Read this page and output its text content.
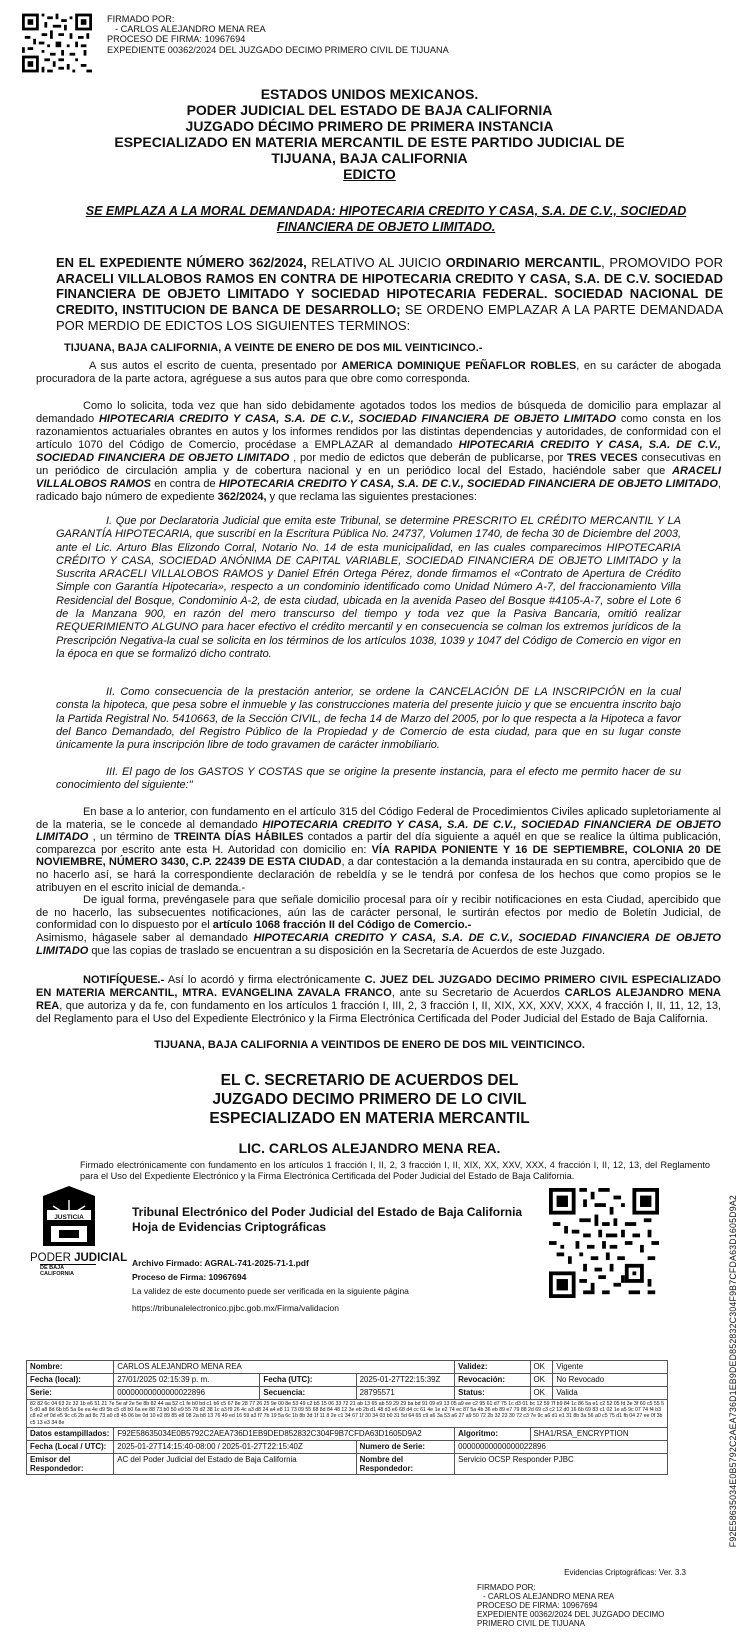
FIRMADO POR:
- CARLOS ALEJANDRO MENA REA
PROCESO DE FIRMA: 10967694
EXPEDIENTE 00362/2024 DEL JUZGADO DECIMO PRIMERO CIVIL DE TIJUANA
ESTADOS UNIDOS MEXICANOS.
PODER JUDICIAL DEL ESTADO DE BAJA CALIFORNIA
JUZGADO DÉCIMO PRIMERO DE PRIMERA INSTANCIA
ESPECIALIZADO EN MATERIA MERCANTIL DE ESTE PARTIDO JUDICIAL DE
TIJUANA, BAJA CALIFORNIA
EDICTO
SE EMPLAZA A LA MORAL DEMANDADA: HIPOTECARIA CREDITO Y CASA, S.A. DE C.V., SOCIEDAD FINANCIERA DE OBJETO LIMITADO.
EN EL EXPEDIENTE NÚMERO 362/2024, RELATIVO AL JUICIO ORDINARIO MERCANTIL, PROMOVIDO POR ARACELI VILLALOBOS RAMOS EN CONTRA DE HIPOTECARIA CREDITO Y CASA, S.A. DE C.V. SOCIEDAD FINANCIERA DE OBJETO LIMITADO Y SOCIEDAD HIPOTECARIA FEDERAL. SOCIEDAD NACIONAL DE CREDITO, INSTITUCION DE BANCA DE DESARROLLO; SE ORDENO EMPLAZAR A LA PARTE DEMANDADA POR MERDIO DE EDICTOS LOS SIGUIENTES TERMINOS:
TIJUANA, BAJA CALIFORNIA, A VEINTE DE ENERO DE DOS MIL VEINTICINCO.-
A sus autos el escrito de cuenta, presentado por AMERICA DOMINIQUE PEÑAFLOR ROBLES, en su carácter de abogada procuradora de la parte actora, agréguese a sus autos para que obre como corresponda.
Como lo solicita, toda vez que han sido debidamente agotados todos los medios de búsqueda de domicilio para emplazar al demandado HIPOTECARIA CREDITO Y CASA, S.A. DE C.V., SOCIEDAD FINANCIERA DE OBJETO LIMITADO como consta en los razonamientos actuariales obrantes en autos y los informes rendidos por las distintas dependencias y autoridades, de conformidad con el artículo 1070 del Código de Comercio, procédase a EMPLAZAR al demandado HIPOTECARIA CREDITO Y CASA, S.A. DE C.V., SOCIEDAD FINANCIERA DE OBJETO LIMITADO , por medio de edictos que deberán de publicarse, por TRES VECES consecutivas en un periódico de circulación amplia y de cobertura nacional y en un periódico local del Estado, haciéndole saber que ARACELI VILLALOBOS RAMOS en contra de HIPOTECARIA CREDITO Y CASA, S.A. DE C.V., SOCIEDAD FINANCIERA DE OBJETO LIMITADO, radicado bajo número de expediente 362/2024, y que reclama las siguientes prestaciones:
I. Que por Declaratoria Judicial que emita este Tribunal, se determine PRESCRITO EL CRÉDITO MERCANTIL Y LA GARANTÍA HIPOTECARIA, que suscribí en la Escritura Pública No. 24737, Volumen 1740, de fecha 30 de Diciembre del 2003, ante el Lic. Arturo Blas Elizondo Corral, Notario No. 14 de esta municipalidad, en las cuales comparecimos HIPOTECARIA CRÉDITO Y CASA, SOCIEDAD ANÓNIMA DE CAPITAL VARIABLE, SOCIEDAD FINANCIERA DE OBJETO LIMITADO y la Suscrita ARACELI VILLALOBOS RAMOS y Daniel Efrén Ortega Pérez, donde firmamos el «Contrato de Apertura de Crédito Simple con Garantía Hipotecaria», respecto a un condominio identificado como Unidad Número A-7, del fraccionamiento Villa Residencial del Bosque, Condominio A-2, de esta ciudad, ubicada en la avenida Paseo del Bosque #4105-A-7, sobre el Lote 6 de la Manzana 900, en razón del mero transcurso del tiempo y toda vez que la Pasiva Bancaria, omitió realizar REQUERIMIENTO ALGUNO para hacer efectivo el crédito mercantil y en consecuencia se colman los extremos jurídicos de la Prescripción Negativa-la cual se solicita en los términos de los artículos 1038, 1039 y 1047 del Código de Comercio en vigor en la época en que se formalizó dicho contrato.
II. Como consecuencia de la prestación anterior, se ordene la CANCELACIÓN DE LA INSCRIPCIÓN en la cual consta la hipoteca, que pesa sobre el inmueble y las construcciones materia del presente juicio y que se encuentra inscrito bajo la Partida Registral No. 5410663, de la Sección CIVIL, de fecha 14 de Marzo del 2005, por lo que respecta a la Hipoteca a favor del Banco Demandado, del Registro Público de la Propiedad y de Comercio de esta ciudad, para que en su lugar conste únicamente la pura inscripción libre de todo gravamen de carácter inmobiliario.
III. El pago de los GASTOS Y COSTAS que se origine la presente instancia, para el efecto me permito hacer de su conocimiento del siguiente:"
En base a lo anterior, con fundamento en el artículo 315 del Código Federal de Procedimientos Civiles aplicado supletoriamente al de la materia, se le concede al demandado HIPOTECARIA CREDITO Y CASA, S.A. DE C.V., SOCIEDAD FINANCIERA DE OBJETO LIMITADO , un término de TREINTA DÍAS HÁBILES contados a partir del día siguiente a aquél en que se realice la última publicación, comparezca por escrito ante esta H. Autoridad con domicilio en: VÍA RAPIDA PONIENTE Y 16 DE SEPTIEMBRE, COLONIA 20 DE NOVIEMBRE, NÚMERO 3430, C.P. 22439 DE ESTA CIUDAD, a dar contestación a la demanda instaurada en su contra, apercibido que de no hacerlo así, se hará la correspondiente declaración de rebeldía y se le tendrá por confesa de los hechos que como propios se le atribuyen en el escrito inicial de demanda.-
De igual forma, prevéngasele para que señale domicilio procesal para oír y recibir notificaciones en esta Ciudad, apercibido que de no hacerlo, las subsecuentes notificaciones, aún las de carácter personal, le surtirán efectos por medio de Boletín Judicial, de conformidad con lo dispuesto por el artículo 1068 fracción II del Código de Comercio.-
Asimismo, hágasele saber al demandado HIPOTECARIA CREDITO Y CASA, S.A. DE C.V., SOCIEDAD FINANCIERA DE OBJETO LIMITADO que las copias de traslado se encuentran a su disposición en la Secretaría de Acuerdos de este Juzgado.
NOTIFÍQUESE.- Así lo acordó y firma electrónicamente C. JUEZ DEL JUZGADO DECIMO PRIMERO CIVIL ESPECIALIZADO EN MATERIA MERCANTIL, MTRA. EVANGELINA ZAVALA FRANCO, ante su Secretario de Acuerdos CARLOS ALEJANDRO MENA REA, que autoriza y da fe, con fundamento en los artículos 1 fracción I, III, 2, 3 fracción I, II, XIX, XX, XXV, XXX, 4 fracción I, II, 11, 12, 13, del Reglamento para el Uso del Expediente Electrónico y la Firma Electrónica Certificada del Poder Judicial del Estado de Baja California.
TIJUANA, BAJA CALIFORNIA A VEINTIDOS DE ENERO DE DOS MIL VEINTICINCO.
EL C. SECRETARIO DE ACUERDOS DEL
JUZGADO DECIMO PRIMERO DE LO CIVIL
ESPECIALIZADO EN MATERIA MERCANTIL
LIC. CARLOS ALEJANDRO MENA REA.
Firmado electrónicamente con fundamento en los artículos 1 fracción I, II, 2, 3 fracción I, II, XIX, XX, XXV, XXX, 4 fracción I, II, 12, 13, del Reglamento para el Uso del Expediente Electrónico y la Firma Electrónica Certificada del Poder Judicial del Estado de Baja California.
JUSTICIA
PODER JUDICIAL
DE BAJA CALIFORNIA
Tribunal Electrónico del Poder Judicial del Estado de Baja California
Hoja de Evidencias Criptográficas
Archivo Firmado: AGRAL-741-2025-71-1.pdf
Proceso de Firma: 10967694
La validez de este documento puede ser verificada en la siguiente página
https://tribunalelectronico.pjbc.gob.mx/Firma/validacion	F92E58635034E0B5792C2AEA736D1EB9DED852832C304F9B7CFDA63D1605D9A2
Nombre:	CARLOS ALEJANDRO MENA REA			Validez:	OK	Vigente
Fecha (local):	27/01/2025 02:15:39 p. m.	Fecha (UTC):	2025-01-27T22:15:39Z	Revocación:	OK	No Revocado
Serie:	00000000000000022896	Secuencia:	28795571	Status:	OK	Valida
82 82 6c 04 63 2c 32 1b e6 51 21 7e 5e af 2e 5e 8b 82 44 aa 52 c1 fe b0 bd c1 b6 c5 67 8e 28 77 26 25 9e 00 8e 53 49 c2 b5 15 06 33 72 21 ab 13 65 ab 59 29 29 ba bd 91 09 e9 13 05 a9 ee c2 95 61 d7 75 1c d3 01 bc 12 59 7f b9 84 1c 86 5a e1 c2 52 05 fd 3e 3f 60 c5 55 55 d0 a8 8d 6b b5 5a 6e ea 4e d9 5b c5 c8 b0 6a ee 88 73 b0 50 e9 55 78 d2 38 1c a3 f9 26 4c a3 d8 24 a4 e8 11 73 09 55 68 8d 84 48 12 3e eb 2b d1 48 d3 e6 68 d4 cc 61 4e 1e e2 74 ec 87 5a 4b 36 eb 89 e7 79 88 2d 69 c3 c2 12 d0 16 6b 69 83 c1 02 1e a5 9c 07 74 f4 b3 c8 e2 ef 0d e5 9c c6 2b ad 8c 73 a0 c8 45 06 be 0d 10 e2 89 85 e8 08 2a b8 13 76 49 ed 16 59 a3 f7 7b 19 5a 6c 1b 8b 3d 1f 11 8 2e c1 34 67 1f 30 34 03 b0 31 5d 64 65 c9 a6 3a 53 a6 27 a9 50 72 2b 32 23 30 72 c3 7e 9c a6 d1 e1 31 8b 3a 56 a0 c5 75 d1 fb 04 27 ee 0f 3b c5 13 e3 34 8e						
Datos estampillados:	F92E58635034E0B5792C2AEA736D1EB9DED852832C304F9B7CFDA63D1605D9A2			Algoritmo:	SHA1/RSA_ENCRYPTION	
Fecha (Local / UTC):	2025-01-27T14:15:40-08:00 / 2025-01-27T22:15:40Z		Numero de Serie:	00000000000000022896		
Emisor del Respondedor:	AC del Poder Judicial del Estado de Baja California		Nombre del Respondedor:	Servicio OCSP Responder PJBC		
Evidencias Criptográficas: Ver. 3.3
FIRMADO POR:
- CARLOS ALEJANDRO MENA REA
PROCESO DE FIRMA: 10967694
EXPEDIENTE 00362/2024 DEL JUZGADO DECIMO
PRIMERO CIVIL DE TIJUANA
